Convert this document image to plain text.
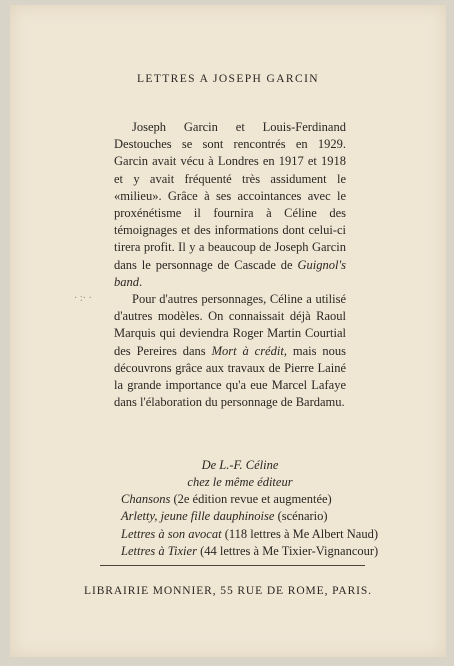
LETTRES A JOSEPH GARCIN

Joseph Garcin et Louis-Ferdinand Destouches se sont rencontrés en 1929. Garcin avait vécu à Londres en 1917 et 1918 et y avait fréquenté très assidument le «milieu». Grâce à ses accointances avec le proxénétisme il fournira à Céline des témoignages et des informations dont celui-ci tirera profit. Il y a beaucoup de Joseph Garcin dans le personnage de Cascade de Guignol's band.

Pour d'autres personnages, Céline a utilisé d'autres modèles. On connaissait déjà Raoul Marquis qui deviendra Roger Martin Courtial des Pereires dans Mort à crédit, mais nous découvrons grâce aux travaux de Pierre Lainé la grande importance qu'a eue Marcel Lafaye dans l'élaboration du personnage de Bardamu.

· :· ·
De L.-F. Céline
chez le même éditeur
Chansons (2e édition revue et augmentée)
Arletty, jeune fille dauphinoise (scénario)
Lettres à son avocat (118 lettres à Me Albert Naud)
Lettres à Tixier (44 lettres à Me Tixier-Vignancour)
LIBRAIRIE MONNIER, 55 RUE DE ROME, PARIS.
